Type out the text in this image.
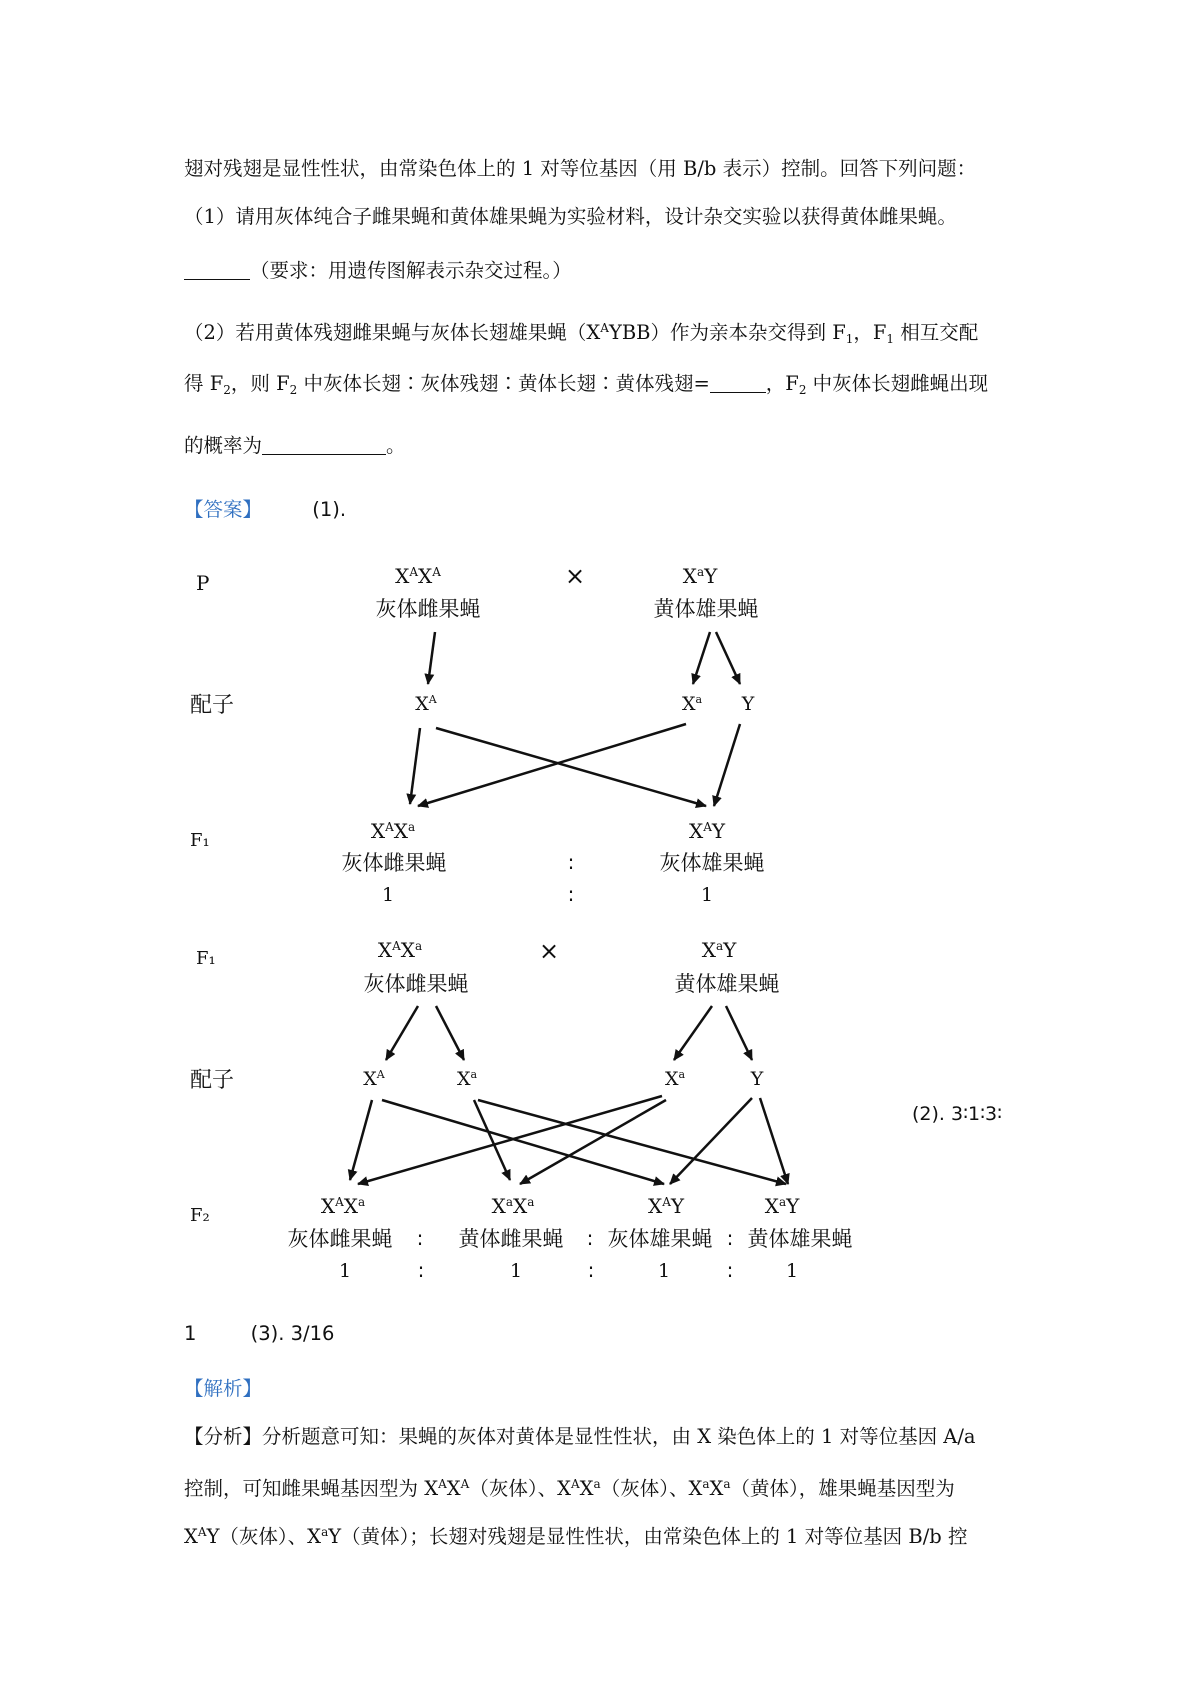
翅对残翅是显性性状，由常染色体上的 1 对等位基因（用 B/b 表示）控制。回答下列问题：
（1）请用灰体纯合子雌果蝇和黄体雄果蝇为实验材料，设计杂交实验以获得黄体雌果蝇。
（要求：用遗传图解表示杂交过程。）
（2）若用黄体残翅雌果蝇与灰体长翅雄果蝇$(X^AYBB)$作为亲本杂交得到 $F_1$，$F_1$ 相互交配
得 $F_2$，则 $F_2$ 中灰体长翅∶灰体残翅∶黄体长翅∶黄体残翅=	，$F_2$ 中灰体长翅雌蝇出现
的概率为	。
【答案】	(1).
P
配子
F₁
$X^AX^A$
灰体雌果蝇
×	$X^aY$
黄体雄果蝇
$X^A$	$X^a$ Y
$X^AX^a$
灰体雌果蝇
$X^AY$
灰体雄果蝇
:
1	:	1
F₁
配子
F₂
$X^AX^a$
灰体雌果蝇
×	$X^aY$
黄体雄果蝇
$X^A$	$X^a$	$X^a$	Y
$X^AX^a$	$X^aX^a$	$X^AY$	$X^aY$
灰体雌果蝇 : 黄体雌果蝇 : 灰体雄果蝇 : 黄体雄果蝇
1	:	1	:	1	:	1
(2). 3∶1∶3∶
1	(3). 3/16
【解析】
【分析】分析题意可知：果蝇的灰体对黄体是显性性状，由 X 染色体上的 1 对等位基因 A/a
控制，可知雌果蝇基因型为 $X^AX^A$（灰体）、$X^AX^a$（灰体）、$X^aX^a$（黄体），雄果蝇基因型为
$X^AY$（灰体）、$X^aY$（黄体）；长翅对残翅是显性性状，由常染色体上的 1 对等位基因 B/b 控
